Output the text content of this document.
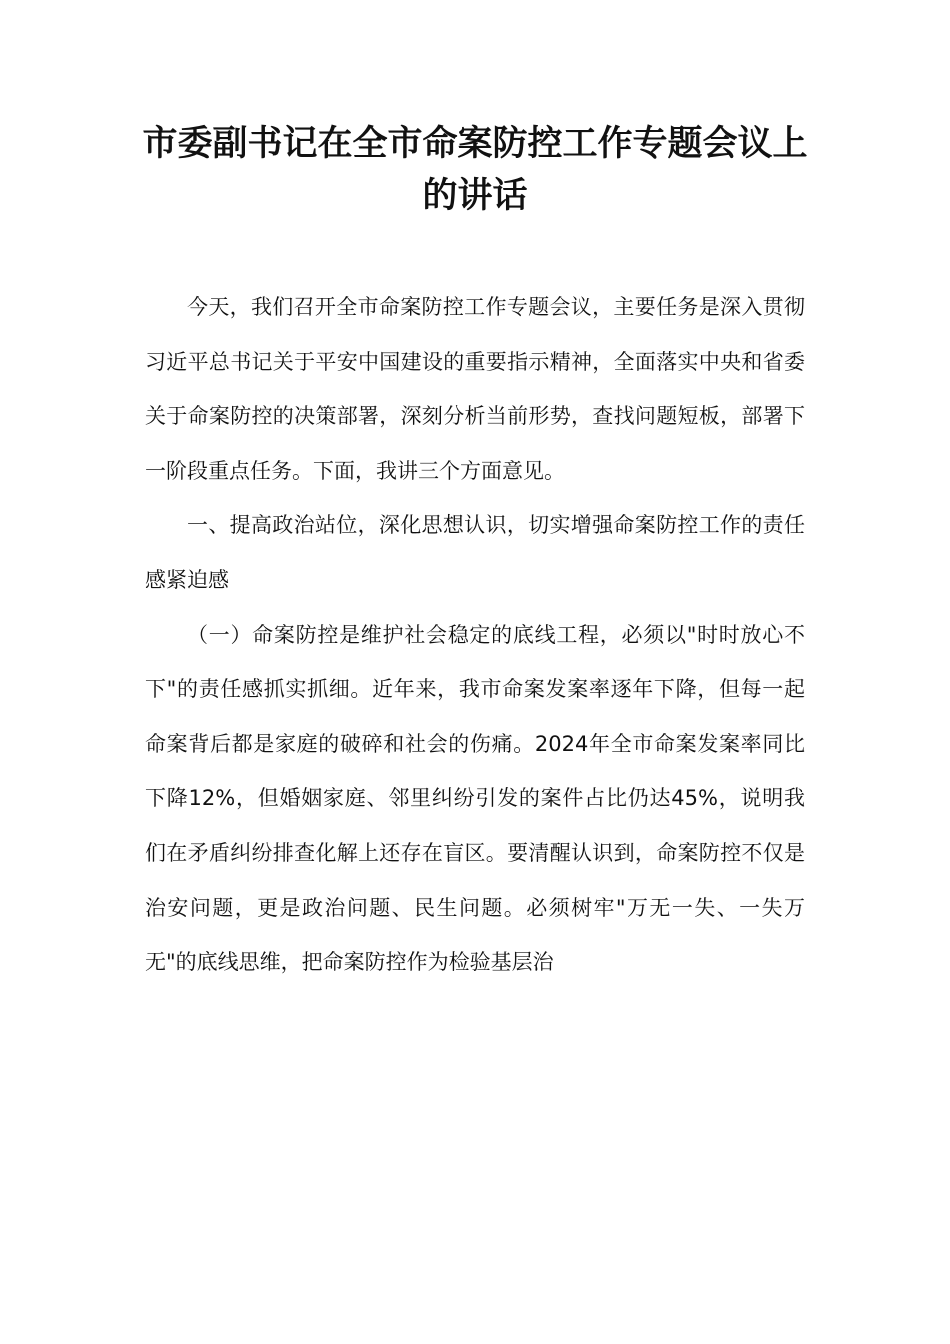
市委副书记在全市命案防控工作专题会议上的讲话

今天，我们召开全市命案防控工作专题会议，主要任务是深入贯彻习近平总书记关于平安中国建设的重要指示精神，全面落实中央和省委关于命案防控的决策部署，深刻分析当前形势，查找问题短板，部署下一阶段重点任务。下面，我讲三个方面意见。

一、提高政治站位，深化思想认识，切实增强命案防控工作的责任感紧迫感

（一）命案防控是维护社会稳定的底线工程，必须以"时时放心不下"的责任感抓实抓细。近年来，我市命案发案率逐年下降，但每一起命案背后都是家庭的破碎和社会的伤痛。2024年全市命案发案率同比下降12%，但婚姻家庭、邻里纠纷引发的案件占比仍达45%，说明我们在矛盾纠纷排查化解上还存在盲区。要清醒认识到，命案防控不仅是治安问题，更是政治问题、民生问题。必须树牢"万无一失、一失万无"的底线思维，把命案防控作为检验基层治
